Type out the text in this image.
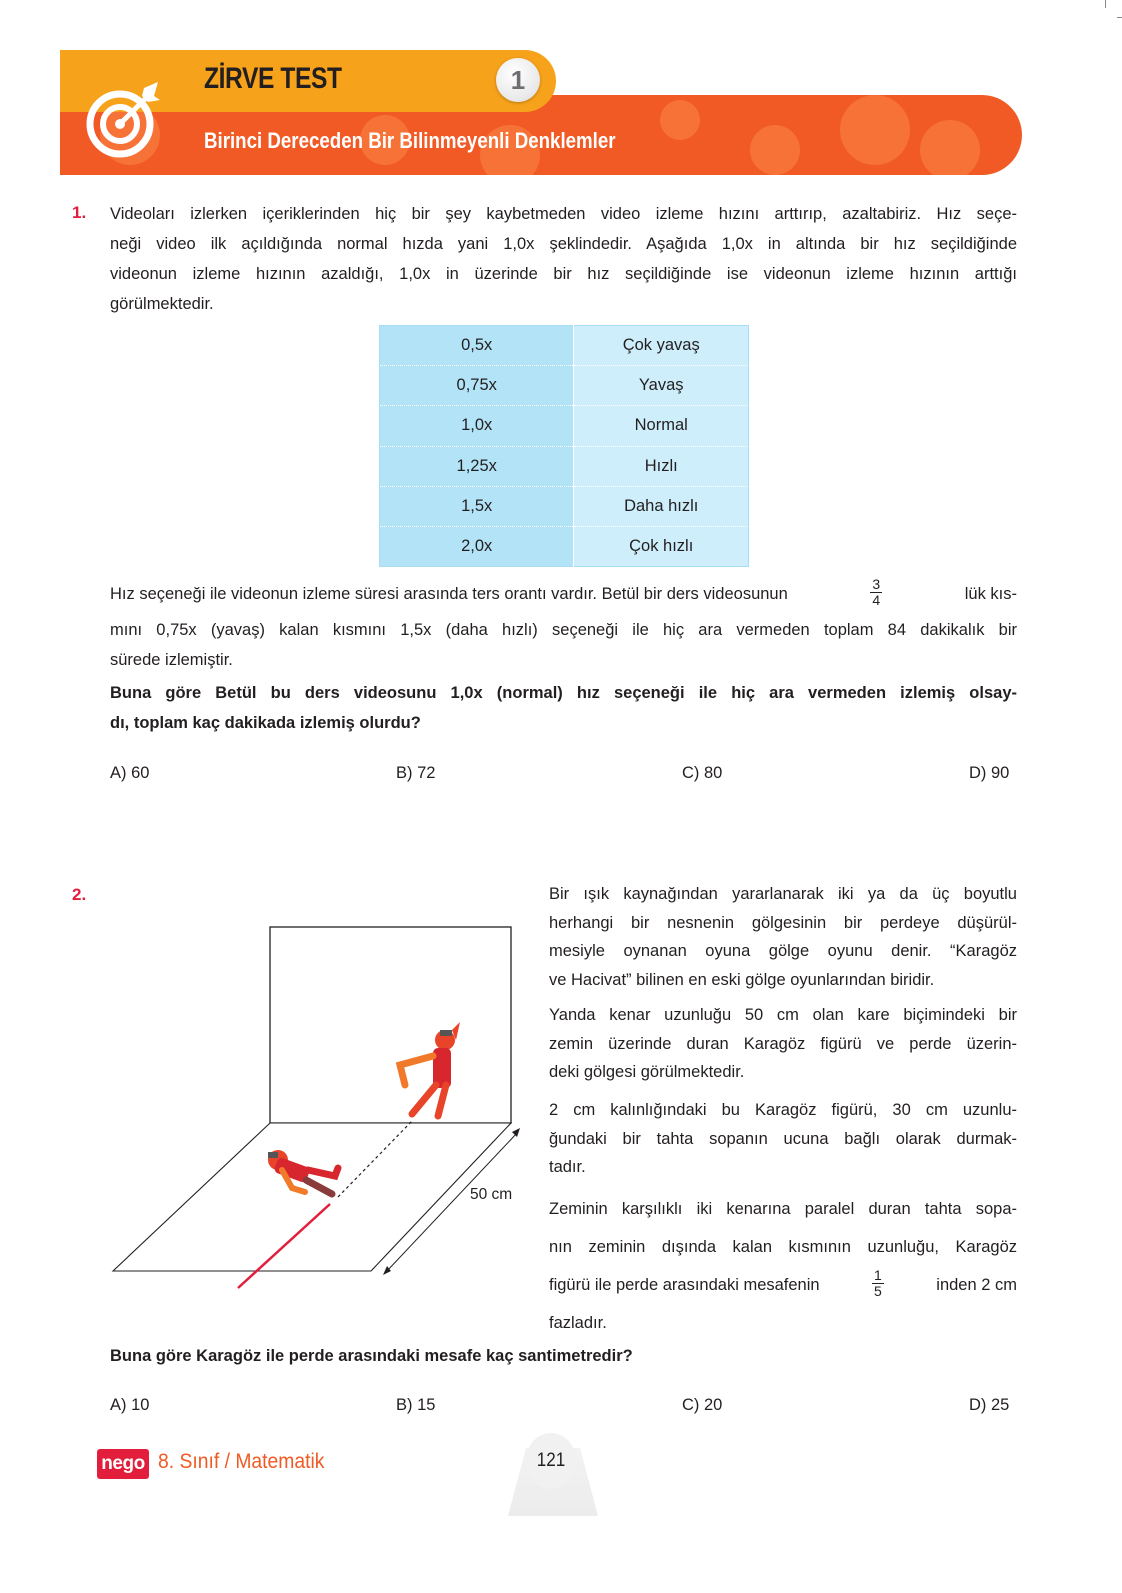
ZİRVE TEST	1
Birinci Dereceden Bir Bilinmeyenli Denklemler
1. Videoları izlerken içeriklerinden hiç bir şey kaybetmeden video izleme hızını arttırıp, azaltabiriz. Hız seçe-
neği video ilk açıldığında normal hızda yani 1,0x şeklindedir. Aşağıda 1,0x in altında bir hız seçildiğinde
videonun izleme hızının azaldığı, 1,0x in üzerinde bir hız seçildiğinde ise videonun izleme hızının arttığı
görülmektedir.
0,5x	Çok yavaş
0,75x	Yavaş
1,0x	Normal
1,25x	Hızlı
1,5x	Daha hızlı
2,0x	Çok hızlı
Hız seçeneği ile videonun izleme süresi arasında ters orantı vardır. Betül bir ders videosunun	$\frac{3}{4}$	lük kıs-
mını 0,75x (yavaş) kalan kısmını 1,5x (daha hızlı) seçeneği ile hiç ara vermeden toplam 84 dakikalık bir
sürede izlemiştir.
Buna göre Betül bu ders videosunu 1,0x (normal) hız seçeneği ile hiç ara vermeden izlemiş olsay-
dı, toplam kaç dakikada izlemiş olurdu?
A) 60	B) 72	C) 80	D) 90
2.
50 cm
Bir ışık kaynağından yararlanarak iki ya da üç boyutlu
herhangi bir nesnenin gölgesinin bir perdeye düşürül-
mesiyle oynanan oyuna gölge oyunu denir. “Karagöz
ve Hacivat” bilinen en eski gölge oyunlarından biridir.
Yanda kenar uzunluğu 50 cm olan kare biçimindeki bir
zemin üzerinde duran Karagöz figürü ve perde üzerin-
deki gölgesi görülmektedir.
2 cm kalınlığındaki bu Karagöz figürü, 30 cm uzunlu-
ğundaki bir tahta sopanın ucuna bağlı olarak durmak-
tadır.
Zeminin karşılıklı iki kenarına paralel duran tahta sopa-
nın zeminin dışında kalan kısmının uzunluğu, Karagöz
figürü ile perde arasındaki mesafenin	$\frac{1}{5}$	inden 2 cm
fazladır.
Buna göre Karagöz ile perde arasındaki mesafe kaç santimetredir?
A) 10	B) 15	C) 20	D) 25
nego 8. Sınıf / Matematik	121
